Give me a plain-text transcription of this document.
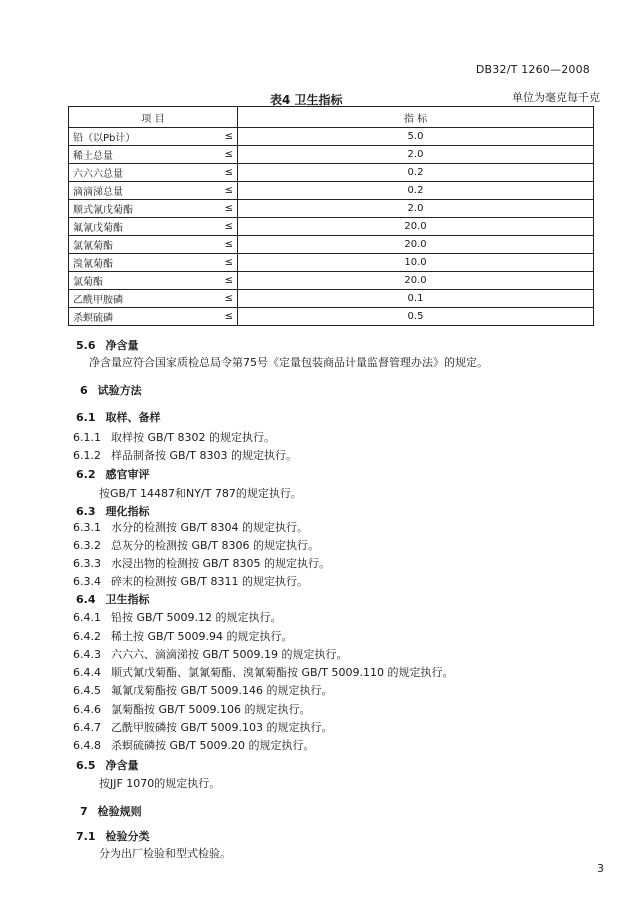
DB32/T 1260—2008
表4 卫生指标	单位为毫克每千克
项 目		指 标
铅（以Pb计）	≤	5.0
稀土总量	≤	2.0
六六六总量	≤	0.2
滴滴涕总量	≤	0.2
顺式氰戊菊酯	≤	2.0
氟氰戊菊酯	≤	20.0
氯氰菊酯	≤	20.0
溴氰菊酯	≤	10.0
氯菊酯	≤	20.0
乙酰甲胺磷	≤	0.1
杀螟硫磷	≤	0.5
5.6 净含量
净含量应符合国家质检总局令第75号《定量包装商品计量监督管理办法》的规定。
6 试验方法
6.1 取样、备样
6.1.1 取样按 GB/T 8302 的规定执行。
6.1.2 样品制备按 GB/T 8303 的规定执行。
6.2 感官审评
按GB/T 14487和NY/T 787的规定执行。
6.3 理化指标
6.3.1 水分的检测按 GB/T 8304 的规定执行。
6.3.2 总灰分的检测按 GB/T 8306 的规定执行。
6.3.3 水浸出物的检测按 GB/T 8305 的规定执行。
6.3.4 碎末的检测按 GB/T 8311 的规定执行。
6.4 卫生指标
6.4.1 铅按 GB/T 5009.12 的规定执行。
6.4.2 稀土按 GB/T 5009.94 的规定执行。
6.4.3 六六六、滴滴涕按 GB/T 5009.19 的规定执行。
6.4.4 顺式氰戊菊酯、氯氰菊酯、溴氰菊酯按 GB/T 5009.110 的规定执行。
6.4.5 氟氰戊菊酯按 GB/T 5009.146 的规定执行。
6.4.6 氯菊酯按 GB/T 5009.106 的规定执行。
6.4.7 乙酰甲胺磷按 GB/T 5009.103 的规定执行。
6.4.8 杀螟硫磷按 GB/T 5009.20 的规定执行。
6.5 净含量
按JJF 1070的规定执行。
7 检验规则
7.1 检验分类
分为出厂检验和型式检验。
3
